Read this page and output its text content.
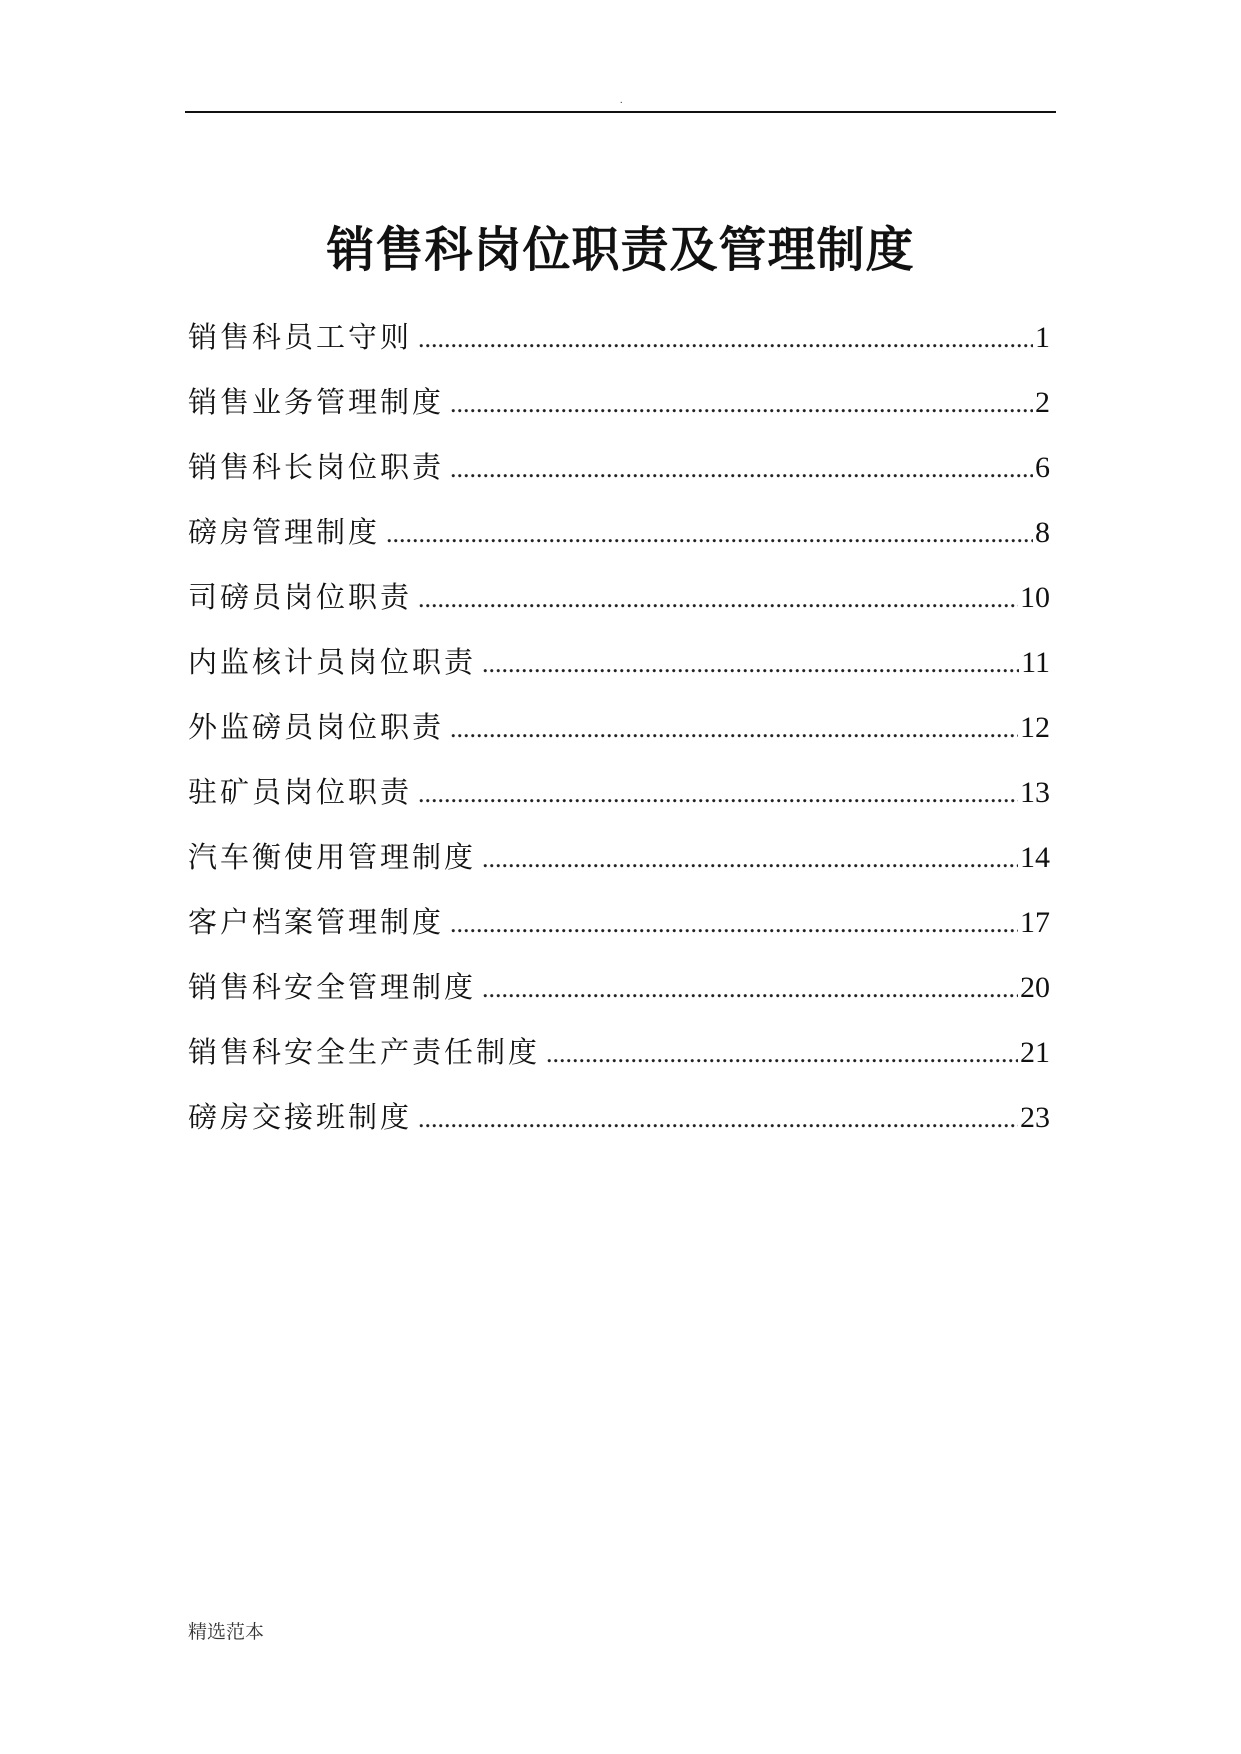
.
销售科岗位职责及管理制度
销售科员工守则 .....	1
销售业务管理制度 .....	2
销售科长岗位职责 .....	6
磅房管理制度 .....	8
司磅员岗位职责 .....	10
内监核计员岗位职责 .....	11
外监磅员岗位职责 .....	12
驻矿员岗位职责 .....	13
汽车衡使用管理制度 .....	14
客户档案管理制度 .....	17
销售科安全管理制度 .....	20
销售科安全生产责任制度 .....	21
磅房交接班制度 .....	23
精选范本
